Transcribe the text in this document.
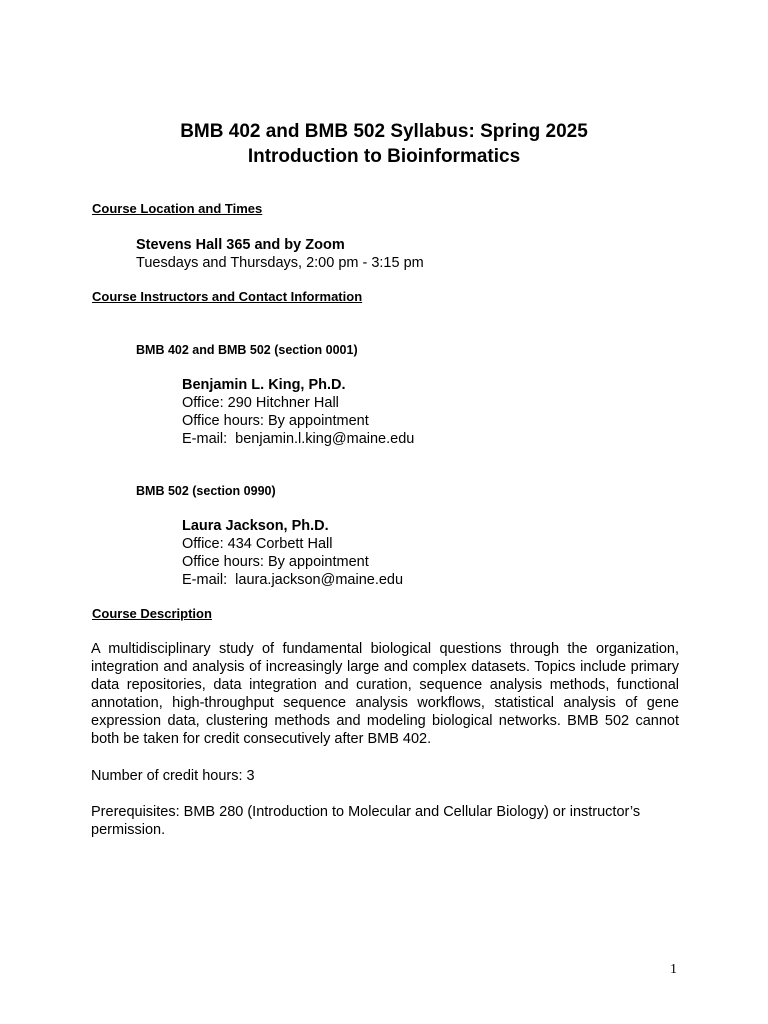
BMB 402 and BMB 502 Syllabus: Spring 2025
Introduction to Bioinformatics
Course Location and Times
Stevens Hall 365 and by Zoom
Tuesdays and Thursdays, 2:00 pm - 3:15 pm
Course Instructors and Contact Information
BMB 402 and BMB 502 (section 0001)
Benjamin L. King, Ph.D.
Office: 290 Hitchner Hall
Office hours: By appointment
E-mail:  benjamin.l.king@maine.edu
BMB 502 (section 0990)
Laura Jackson, Ph.D.
Office: 434 Corbett Hall
Office hours: By appointment
E-mail:  laura.jackson@maine.edu
Course Description
A multidisciplinary study of fundamental biological questions through the organization, integration and analysis of increasingly large and complex datasets. Topics include primary data repositories, data integration and curation, sequence analysis methods, functional annotation, high-throughput sequence analysis workflows, statistical analysis of gene expression data, clustering methods and modeling biological networks. BMB 502 cannot both be taken for credit consecutively after BMB 402.
Number of credit hours: 3
Prerequisites: BMB 280 (Introduction to Molecular and Cellular Biology) or instructor’s permission.
1
